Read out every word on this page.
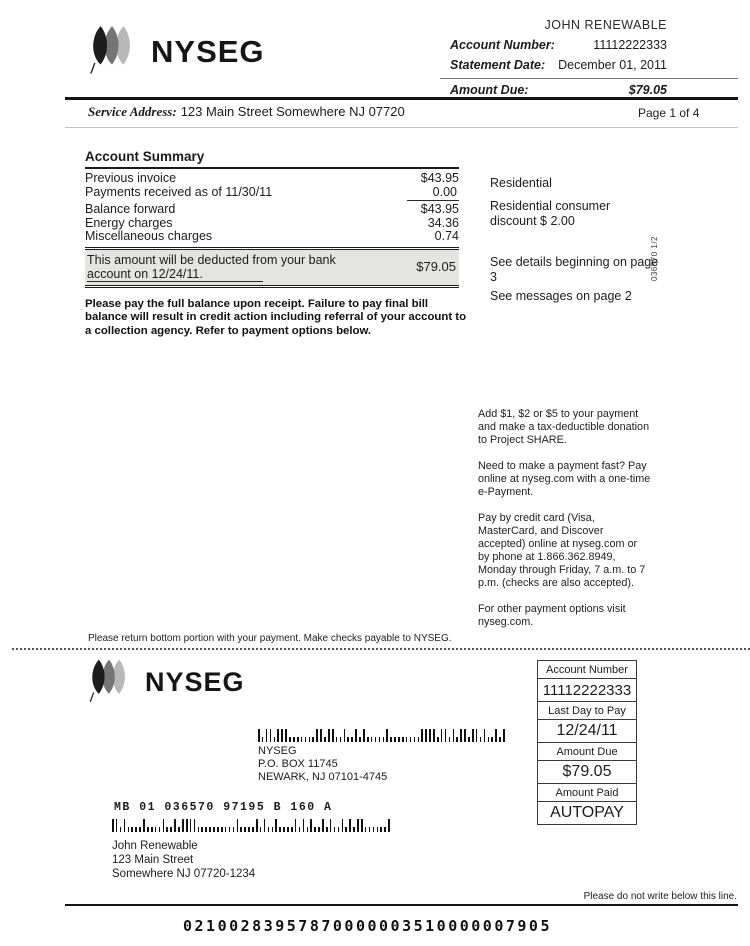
NYSEG
JOHN RENEWABLE
Account Number:	11112222333
Statement Date: December 01, 2011
Amount Due:	$79.05
Service Address: 123 Main Street Somewhere NJ 07720	Page 1 of 4
Account Summary
Previous invoice	$43.95
Payments received as of 11/30/11	0.00
Balance forward	$43.95
Energy charges	34.36
Miscellaneous charges	0.74
This amount will be deducted from your bank
account on 12/24/11.	$79.05

Please pay the full balance upon receipt. Failure to pay final bill balance will result in credit action including referral of your account to a collection agency. Refer to payment options below.

Residential
Residential consumer discount $ 2.00
See details beginning on page 3
See messages on page 2
036570 1/2

Add $1, $2 or $5 to your payment and make a tax-deductible donation to Project SHARE.

Need to make a payment fast? Pay online at nyseg.com with a one-time e-Payment.

Pay by credit card (Visa, MasterCard, and Discover accepted) online at nyseg.com or by phone at 1.866.362.8949, Monday through Friday, 7 a.m. to 7 p.m. (checks are also accepted).

For other payment options visit nyseg.com.

Please return bottom portion with your payment. Make checks payable to NYSEG.
NYSEG	Account Number
11112222333
Last Day to Pay
12/24/11
Amount Due
$79.05
Amount Paid
AUTOPAY
NYSEG
P.O. BOX 11745
NEWARK, NJ 07101-4745
MB 01 036570 97195 B 160 A
John Renewable
123 Main Street
Somewhere NJ 07720-1234
Please do not write below this line.
02100283957870000003510000007905
